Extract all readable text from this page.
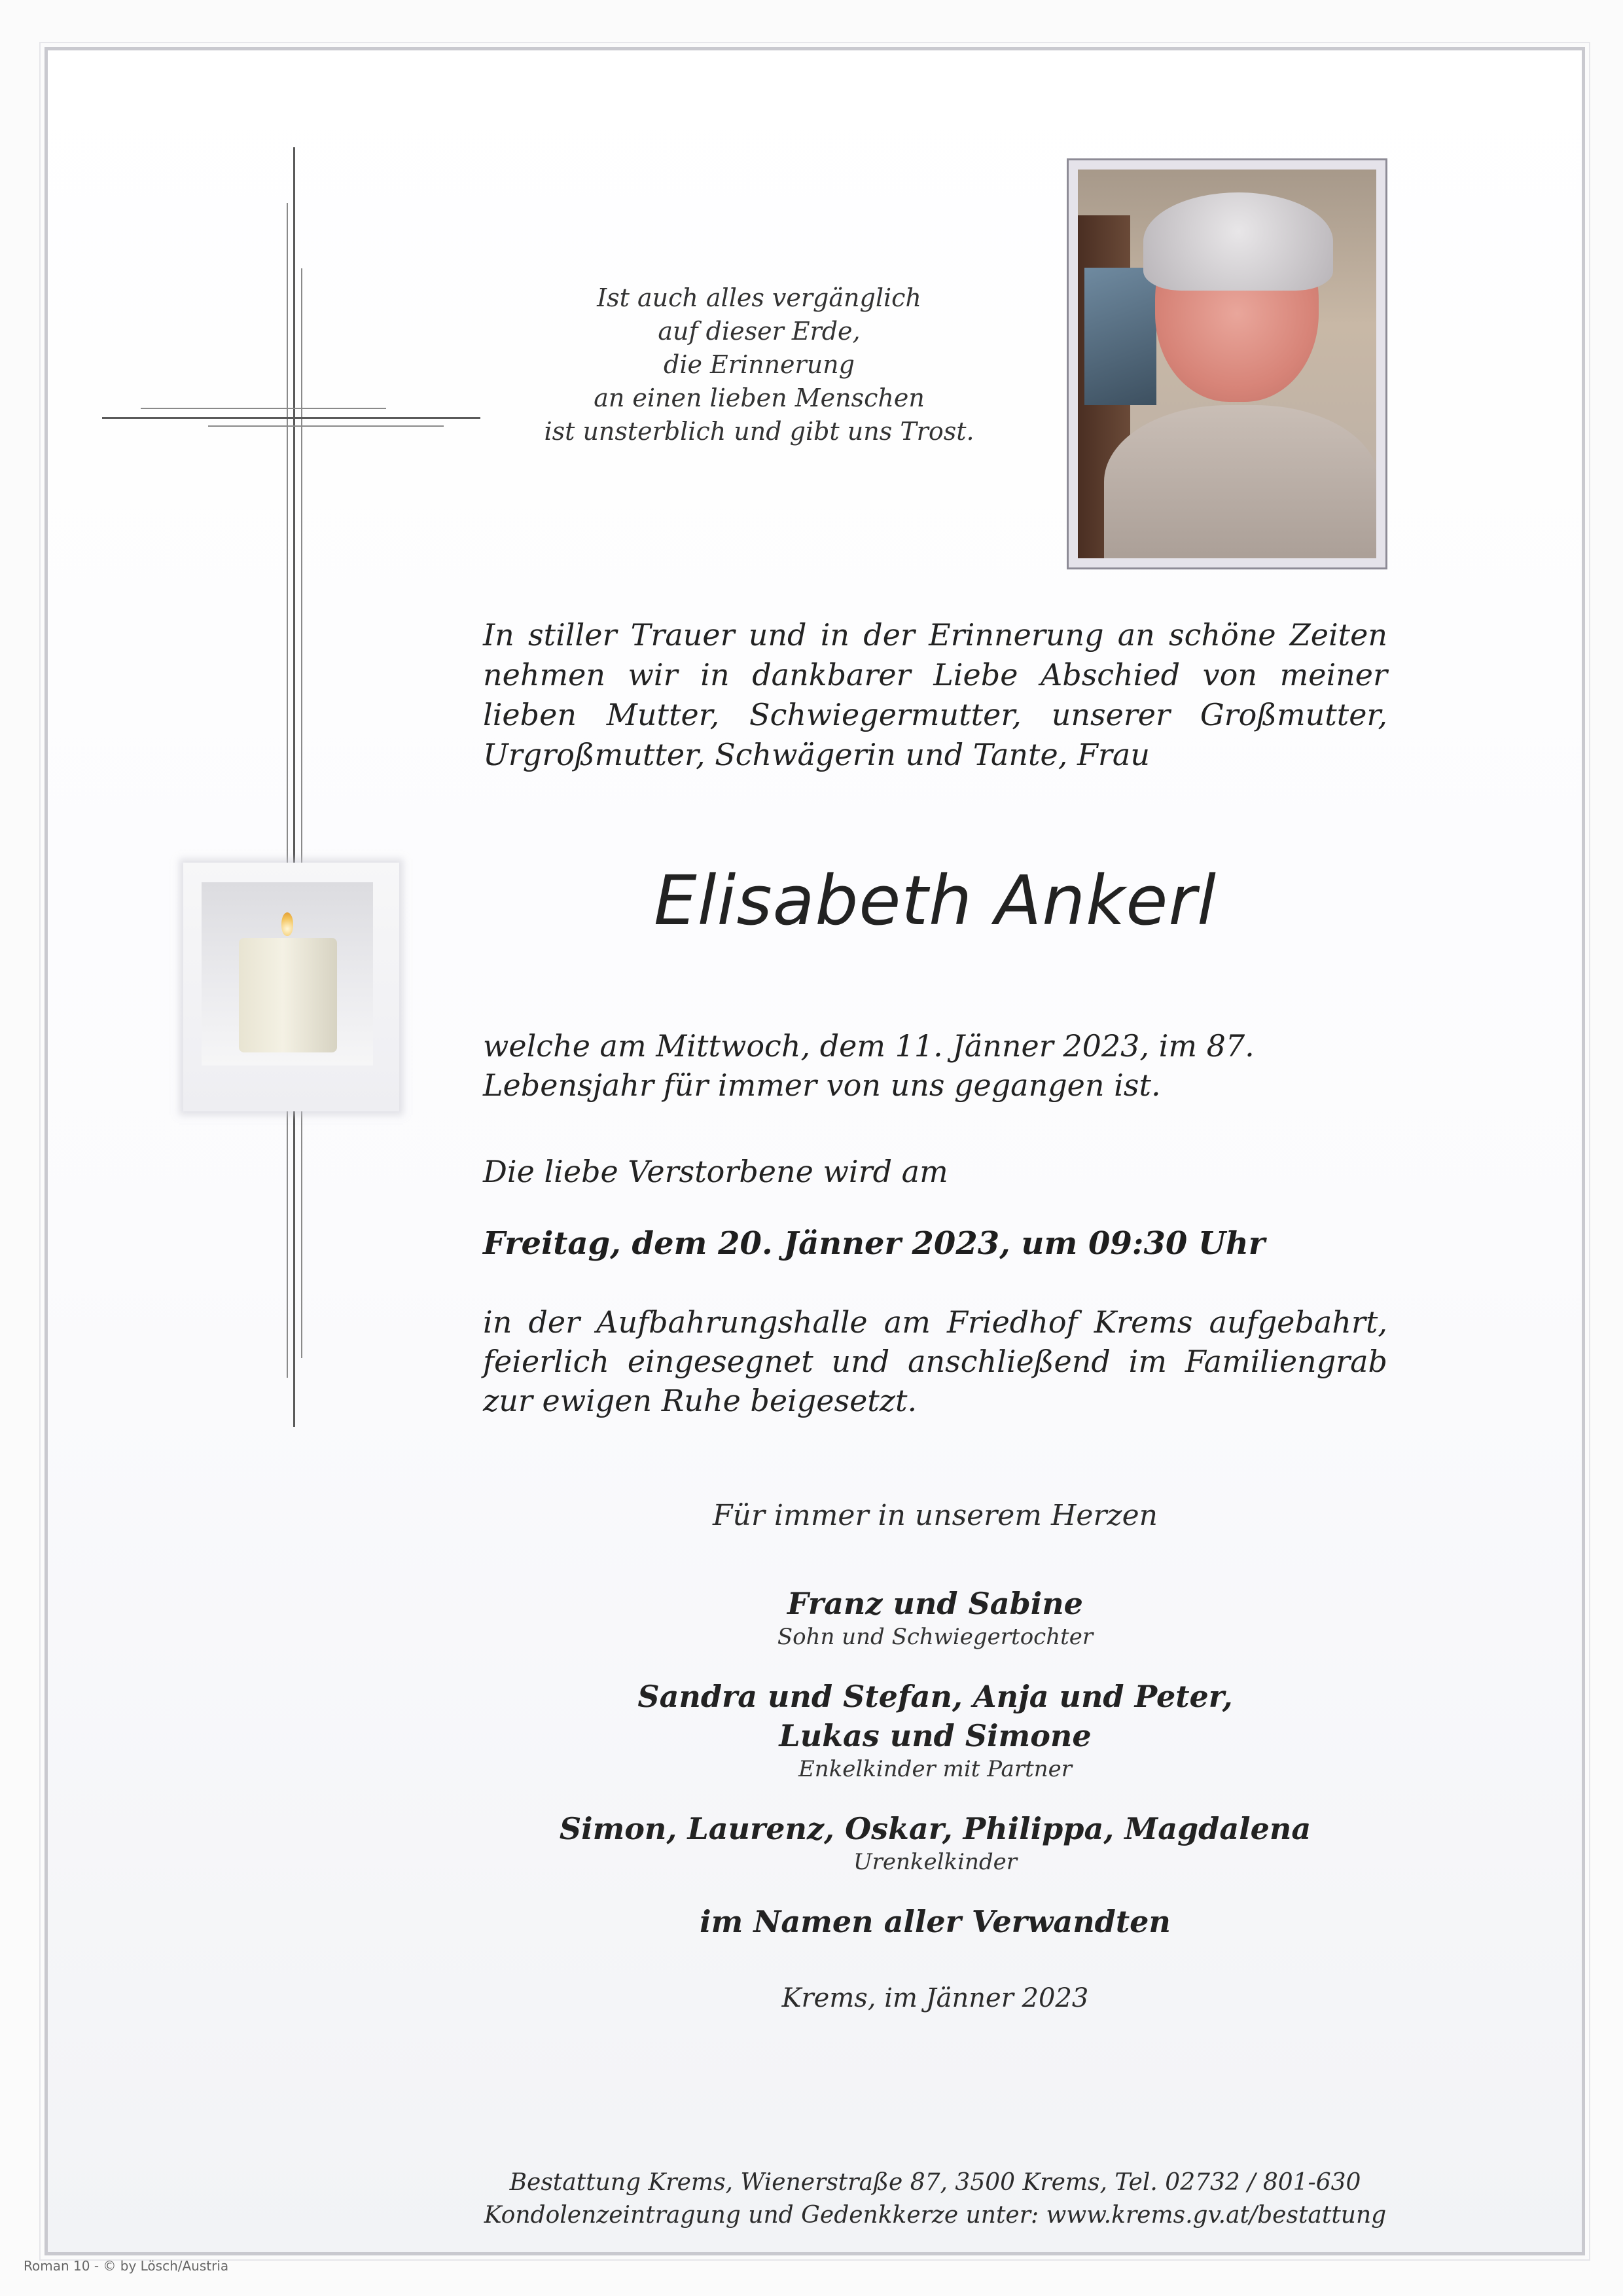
Ist auch alles vergänglich
auf dieser Erde,
die Erinnerung
an einen lieben Menschen
ist unsterblich und gibt uns Trost.
In stiller Trauer und in der Erinnerung an schöne Zeiten nehmen wir in dankbarer Liebe Abschied von meiner lieben Mutter, Schwiegermutter, unserer Großmutter, Urgroßmutter, Schwägerin und Tante, Frau
Elisabeth Ankerl
welche am Mittwoch, dem 11. Jänner 2023, im 87. Lebensjahr für immer von uns gegangen ist.
Die liebe Verstorbene wird am
Freitag, dem 20. Jänner 2023, um 09:30 Uhr
in der Aufbahrungshalle am Friedhof Krems aufgebahrt, feierlich eingesegnet und anschließend im Familiengrab zur ewigen Ruhe beigesetzt.
Für immer in unserem Herzen
Franz und Sabine
Sohn und Schwiegertochter
Sandra und Stefan, Anja und Peter,
Lukas und Simone
Enkelkinder mit Partner
Simon, Laurenz, Oskar, Philippa, Magdalena
Urenkelkinder
im Namen aller Verwandten
Krems, im Jänner 2023
Bestattung Krems, Wienerstraße 87, 3500 Krems, Tel. 02732 / 801-630
Kondolenzeintragung und Gedenkkerze unter: www.krems.gv.at/bestattung
Roman 10 - © by Lösch/Austria
